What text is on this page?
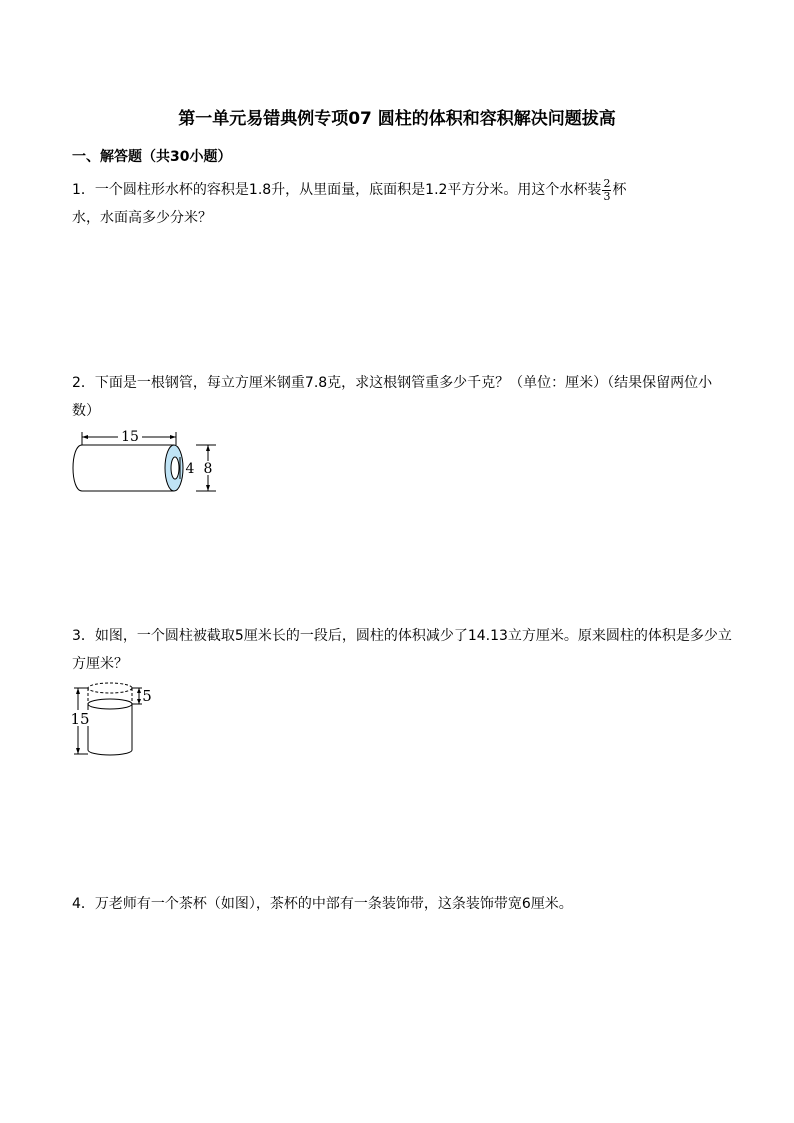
第一单元易错典例专项07 圆柱的体积和容积解决问题拔高
一、解答题（共30小题）
1．一个圆柱形水杯的容积是1.8升，从里面量，底面积是1.2平方分米。用这个水杯装 $\frac{2}{3}$ 杯
水，水面高多少分米？
2．下面是一根钢管，每立方厘米钢重7.8克，求这根钢管重多少千克？（单位：厘米）（结果保留两位小数）
15
4 8
3．如图，一个圆柱被截取5厘米长的一段后，圆柱的体积减少了14.13立方厘米。原来圆柱的体积是多少立方厘米？
15
5
4．万老师有一个茶杯（如图），茶杯的中部有一条装饰带，这条装饰带宽6厘米。
